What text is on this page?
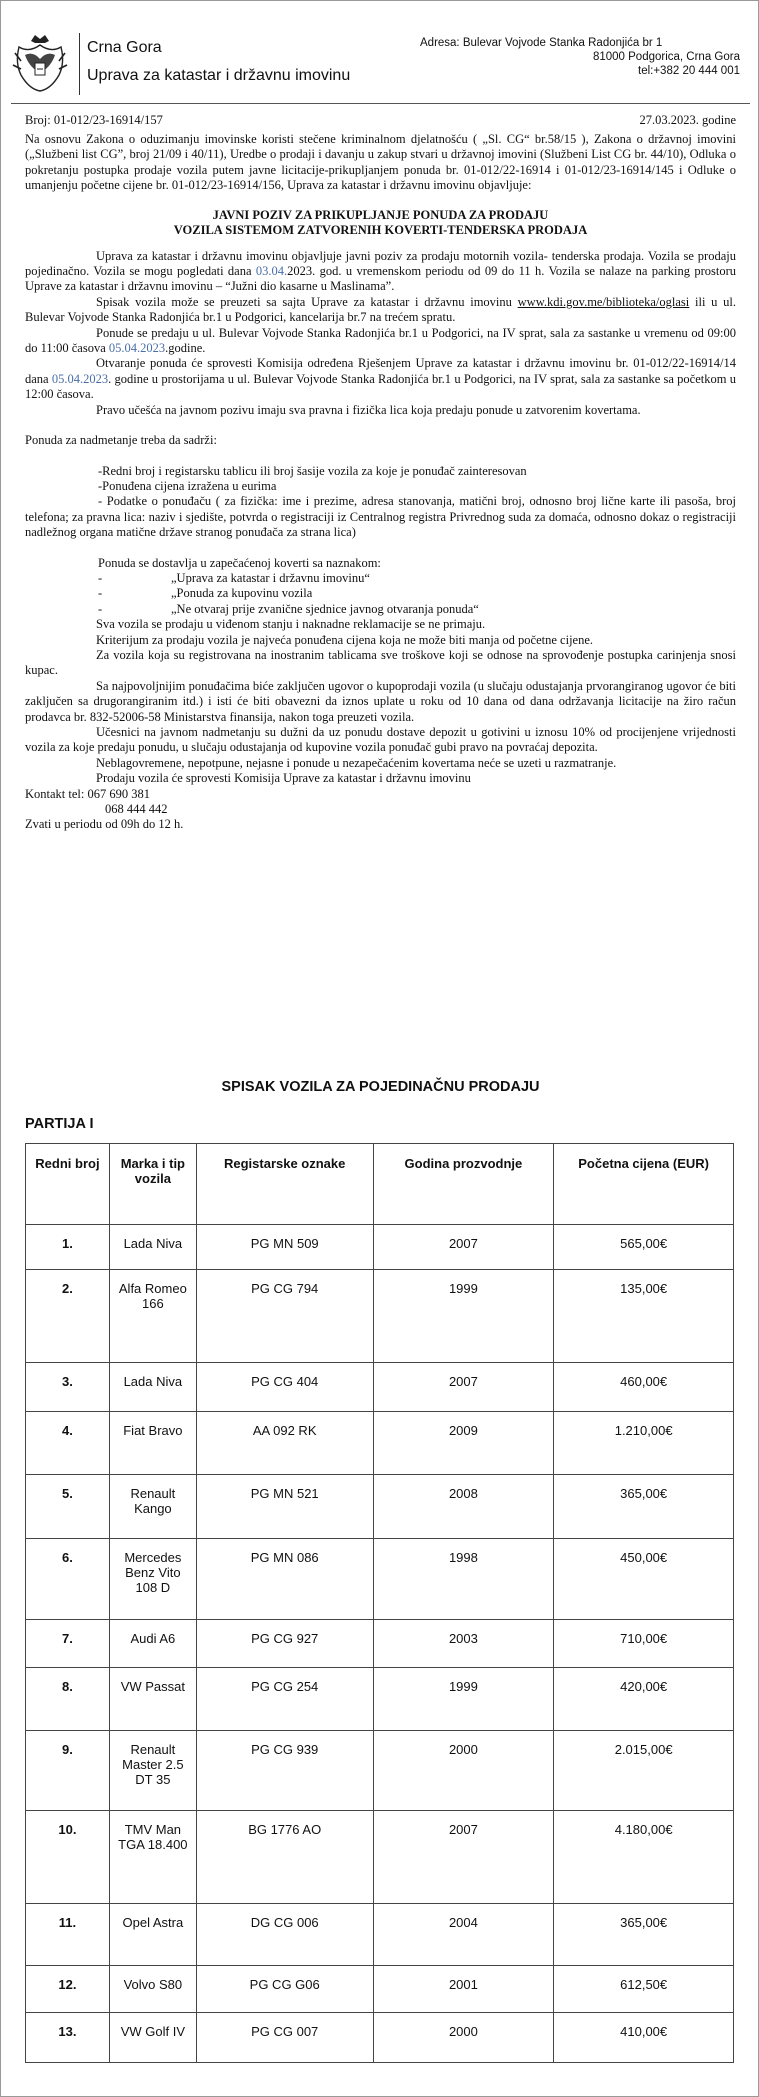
Crna Gora
Uprava za katastar i državnu imovinu
Adresa: Bulevar Vojvode Stanka Radonjića br 1
81000 Podgorica, Crna Gora
tel:+382 20 444 001
Broj: 01-012/23-16914/157	27.03.2023. godine

Na osnovu Zakona o oduzimanju imovinske koristi stečene kriminalnom djelatnošću ( „Sl. CG“ br.58/15 ), Zakona o državnoj imovini („Službeni list CG”, broj 21/09 i 40/11), Uredbe o prodaji i davanju u zakup stvari u državnoj imovini (Službeni List CG br. 44/10), Odluka o pokretanju postupka prodaje vozila putem javne licitacije-prikupljanjem ponuda br. 01-012/22-16914 i 01-012/23-16914/145 i Odluke o umanjenju početne cijene br. 01-012/23-16914/156, Uprava za katastar i državnu imovinu objavljuje:

JAVNI POZIV ZA PRIKUPLJANJE PONUDA ZA PRODAJU
VOZILA SISTEMOM ZATVORENIH KOVERTI-TENDERSKA PRODAJA

Uprava za katastar i državnu imovinu objavljuje javni poziv za prodaju motornih vozila- tenderska prodaja. Vozila se prodaju pojedinačno. Vozila se mogu pogledati dana 03.04.2023. god. u vremenskom periodu od 09 do 11 h. Vozila se nalaze na parking prostoru Uprave za katastar i državnu imovinu – “Južni dio kasarne u Maslinama”.

Spisak vozila može se preuzeti sa sajta Uprave za katastar i državnu imovinu www.kdi.gov.me/biblioteka/oglasi ili u ul. Bulevar Vojvode Stanka Radonjića br.1 u Podgorici, kancelarija br.7 na trećem spratu.

Ponude se predaju u ul. Bulevar Vojvode Stanka Radonjića br.1 u Podgorici, na IV sprat, sala za sastanke u vremenu od 09:00 do 11:00 časova 05.04.2023.godine.

Otvaranje ponuda će sprovesti Komisija određena Rješenjem Uprave za katastar i državnu imovinu br. 01-012/22-16914/14 dana 05.04.2023. godine u prostorijama u ul. Bulevar Vojvode Stanka Radonjića br.1 u Podgorici, na IV sprat, sala za sastanke sa početkom u 12:00 časova.

Pravo učešća na javnom pozivu imaju sva pravna i fizička lica koja predaju ponude u zatvorenim kovertama.

Ponuda za nadmetanje treba da sadrži:

-Redni broj i registarsku tablicu ili broj šasije vozila za koje je ponuđač zainteresovan

-Ponuđena cijena izražena u eurima

- Podatke o ponuđaču ( za fizička: ime i prezime, adresa stanovanja, matični broj, odnosno broj lične karte ili pasoša, broj telefona; za pravna lica: naziv i sjedište, potvrda o registraciji iz Centralnog registra Privrednog suda za domaća, odnosno dokaz o registraciji nadležnog organa matične države stranog ponuđača za strana lica)

Ponuda se dostavlja u zapečaćenoj koverti sa naznakom:

-	„Uprava za katastar i državnu imovinu“
-	„Ponuda za kupovinu vozila
-	„Ne otvaraj prije zvanične sjednice javnog otvaranja ponuda“

Sva vozila se prodaju u viđenom stanju i naknadne reklamacije se ne primaju.

Kriterijum za prodaju vozila je najveća ponuđena cijena koja ne može biti manja od početne cijene.

Za vozila koja su registrovana na inostranim tablicama sve troškove koji se odnose na sprovođenje postupka carinjenja snosi kupac.

Sa najpovoljnijim ponuđačima biće zaključen ugovor o kupoprodaji vozila (u slučaju odustajanja prvorangiranog ugovor će biti zaključen sa drugorangiranim itd.) i isti će biti obavezni da iznos uplate u roku od 10 dana od dana održavanja licitacije na žiro račun prodavca br. 832-52006-58 Ministarstva finansija, nakon toga preuzeti vozila.

Učesnici na javnom nadmetanju su dužni da uz ponudu dostave depozit u gotivini u iznosu 10% od procijenjene vrijednosti vozila za koje predaju ponudu, u slučaju odustajanja od kupovine vozila ponuđač gubi pravo na povraćaj depozita.

Neblagovremene, nepotpune, nejasne i ponude u nezapečaćenim kovertama neće se uzeti u razmatranje.

Prodaju vozila će sprovesti Komisija Uprave za katastar i državnu imovinu

Kontakt tel: 067 690 381

068 444 442

Zvati u periodu od 09h do 12 h.

SPISAK VOZILA ZA POJEDINAČNU PRODAJU
PARTIJA I
Redni broj	Marka i tip vozila	Registarske oznake	Godina prozvodnje	Početna cijena (EUR)
1.	Lada Niva	PG MN 509	2007	565,00€
2.	Alfa Romeo 166	PG CG 794	1999	135,00€
3.	Lada Niva	PG CG 404	2007	460,00€
4.	Fiat Bravo	AA 092 RK	2009	1.210,00€
5.	Renault Kango	PG MN 521	2008	365,00€
6.	Mercedes Benz Vito 108 D	PG MN 086	1998	450,00€
7.	Audi A6	PG CG 927	2003	710,00€
8.	VW Passat	PG CG 254	1999	420,00€
9.	Renault Master 2.5 DT 35	PG CG 939	2000	2.015,00€
10.	TMV Man TGA 18.400	BG 1776 AO	2007	4.180,00€
11.	Opel Astra	DG CG 006	2004	365,00€
12.	Volvo S80	PG CG G06	2001	612,50€
13.	VW Golf IV	PG CG 007	2000	410,00€
